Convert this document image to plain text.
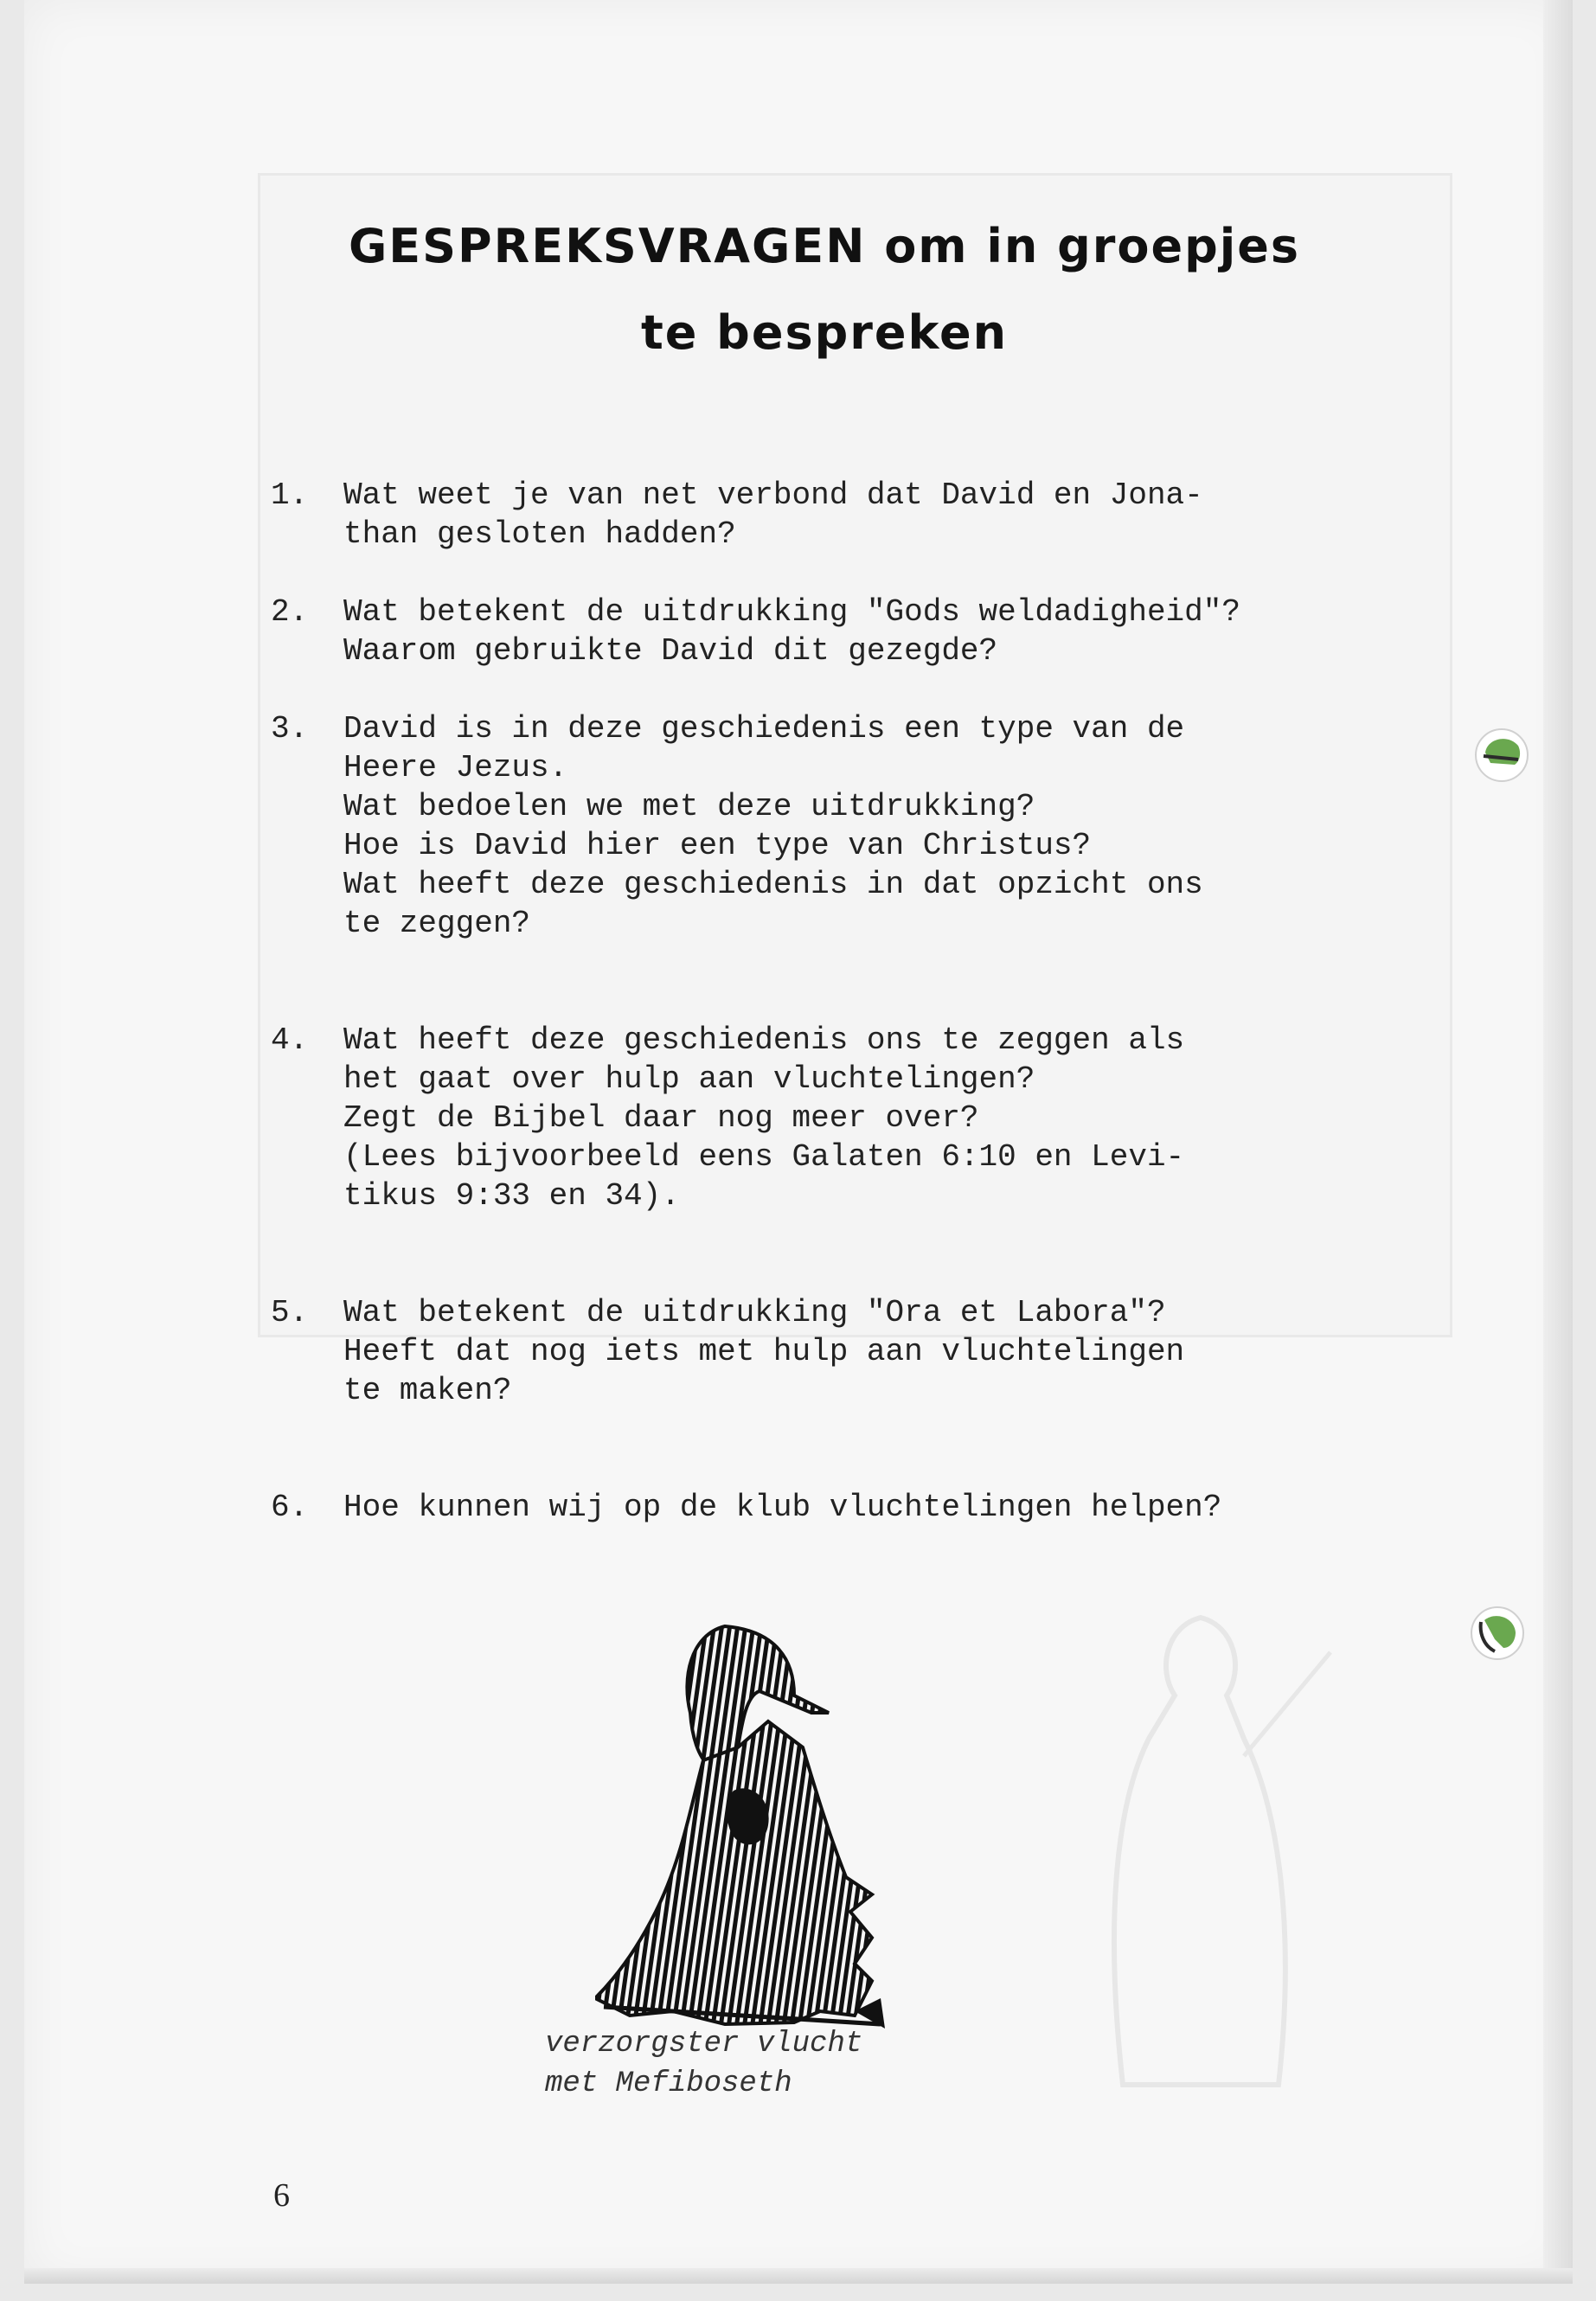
GESPREKSVRAGEN om in groepjes
te bespreken
1.	Wat weet je van net verbond dat David en Jona-
than gesloten hadden?
2.	Wat betekent de uitdrukking "Gods weldadigheid"?
Waarom gebruikte David dit gezegde?
3.	David is in deze geschiedenis een type van de
Heere Jezus.
Wat bedoelen we met deze uitdrukking?
Hoe is David hier een type van Christus?
Wat heeft deze geschiedenis in dat opzicht ons
te zeggen?
4.	Wat heeft deze geschiedenis ons te zeggen als
het gaat over hulp aan vluchtelingen?
Zegt de Bijbel daar nog meer over?
(Lees bijvoorbeeld eens Galaten 6:10 en Levi-
tikus 9:33 en 34).
5.	Wat betekent de uitdrukking "Ora et Labora"?
Heeft dat nog iets met hulp aan vluchtelingen
te maken?
6.	Hoe kunnen wij op de klub vluchtelingen helpen?
verzorgster vlucht
met Mefiboseth
6
